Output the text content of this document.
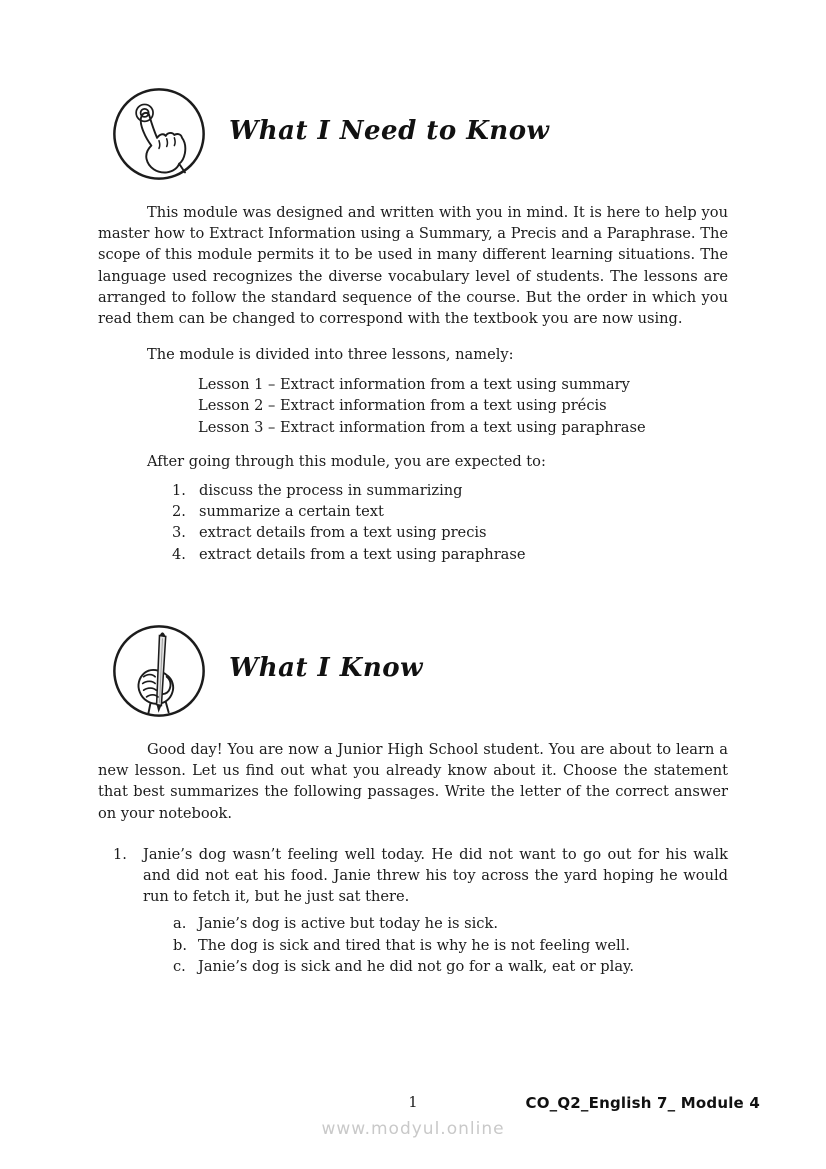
What I Need to Know

This module was designed and written with you in mind. It is here to help you master how to Extract Information using a Summary, a Precis and a Paraphrase. The scope of this module permits it to be used in many different learning situations. The language used recognizes the diverse vocabulary level of students. The lessons are arranged to follow the standard sequence of the course. But the order in which you read them can be changed to correspond with the textbook you are now using.

The module is divided into three lessons, namely:

Lesson 1 – Extract information from a text using summary
Lesson 2 – Extract information from a text using précis
Lesson 3 – Extract information from a text using paraphrase

After going through this module, you are expected to:

1. discuss the process in summarizing
2. summarize a certain text
3. extract details from a text using precis
4. extract details from a text using paraphrase
What I Know

Good day! You are now a Junior High School student. You are about to learn a new lesson. Let us find out what you already know about it. Choose the statement that best summarizes the following passages. Write the letter of the correct answer on your notebook.

1.	Janie’s dog wasn’t feeling well today. He did not want to go out for his walk and did not eat his food. Janie threw his toy across the yard hoping he would run to fetch it, but he just sat there.
a. Janie’s dog is active but today he is sick.
b. The dog is sick and tired that is why he is not feeling well.
c. Janie’s dog is sick and he did not go for a walk, eat or play.
1	CO_Q2_English 7_ Module 4
www.modyul.online
